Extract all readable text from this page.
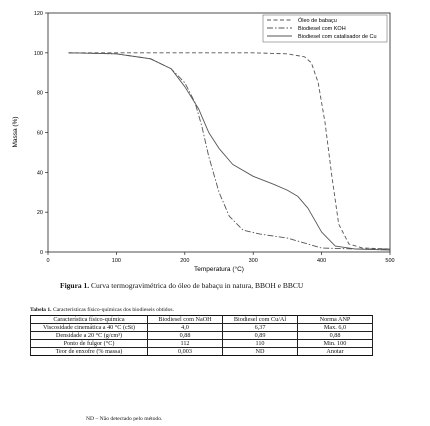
0
20
40
60
80
100
120
0	100	200	300	400	500
Massa (%)
Temperatura (°C)
Óleo de babaçu
Biodiesel com KOH
Biodiesel com catalisador de Cu
Figura 1. Curva termogravimétrica do óleo de babaçu in natura, BBOH e BBCU
Tabela 1. Características físico-químicas dos biodieseis obtidos.
Característica físico-química	Biodiesel com NaOH	Biodiesel com Cu/Al	Norma ANP
Viscosidade cinemática a 40 °C (cSt)	4,0	6,37	Max. 6,0
Densidade a 20 °C (g/cm³)	0,88	0,89	0,88
Ponto de fulgor (°C)	112	110	Min. 100
Teor de enxofre (% massa)	0,003	ND	Anotar
ND – Não detectado pelo método.
